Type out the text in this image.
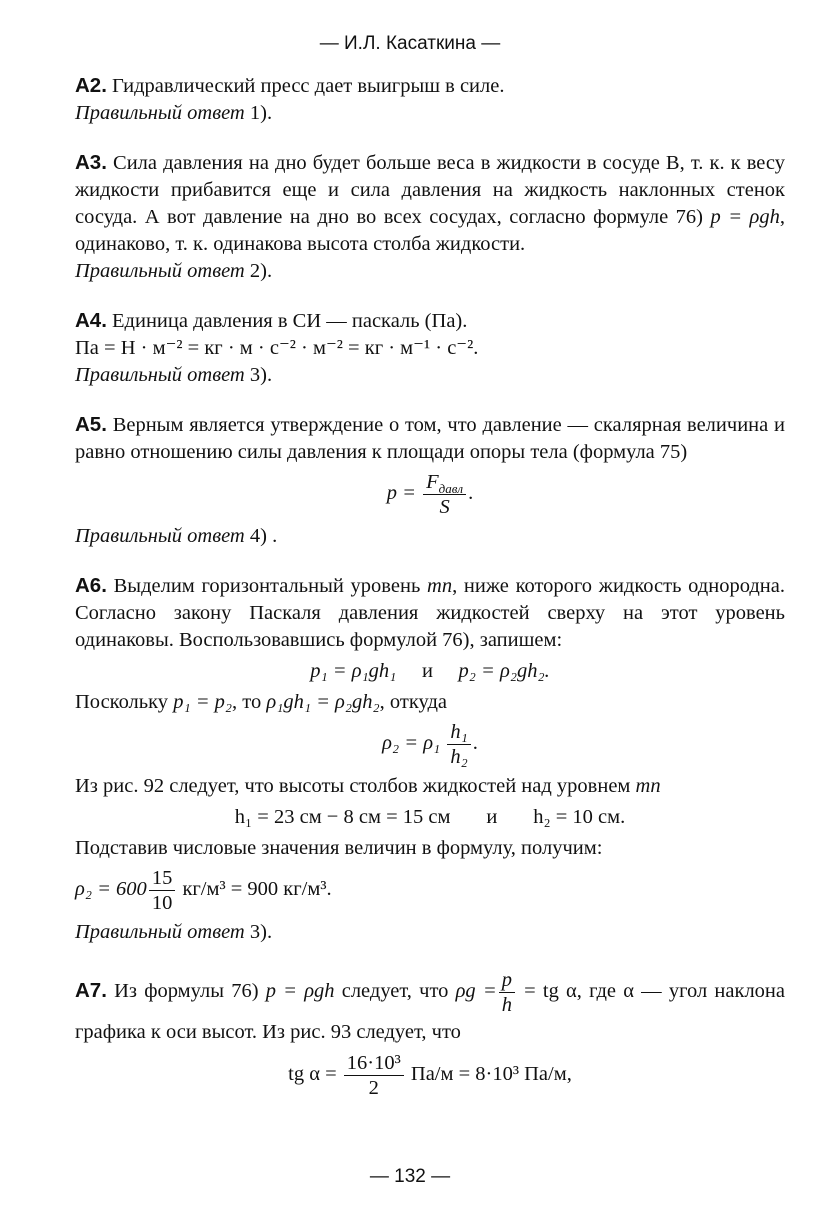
— И.Л. Касаткина —

А2. Гидравлический пресс дает выигрыш в силе.

Правильный ответ 1).

А3. Сила давления на дно будет больше веса в жидкости в сосуде В, т. к. к весу жидкости прибавится еще и сила давления на жидкость наклонных стенок сосуда. А вот давление на дно во всех сосудах, согласно формуле 76) p = ρgh, одинаково, т. к. одинакова высота столба жидкости.

Правильный ответ 2).

А4. Единица давления в СИ — паскаль (Па).

Па = Н · м⁻² = кг · м · с⁻² · м⁻² = кг · м⁻¹ · с⁻².

Правильный ответ 3).

А5. Верным является утверждение о том, что давление — скалярная величина и равно отношению силы давления к площади опоры тела (формула 75)

$p = \frac{F_{давл}}{S}$ .

Правильный ответ 4) .

А6. Выделим горизонтальный уровень mn, ниже которого жидкость однородна. Согласно закону Паскаля давления жидкостей сверху на этот уровень одинаковы. Воспользовавшись формулой 76), запишем:

p₁ = ρ₁gh₁ и p₂ = ρ₂gh₂.

Поскольку p₁ = p₂, то ρ₁gh₁ = ρ₂gh₂, откуда

$\rho_2 = \rho_1 \frac{\text{h₁}}{\text{h₂}}$ .

Из рис. 92 следует, что высоты столбов жидкостей над уровнем mn

h₁ = 23 см − 8 см = 15 см и h₂ = 10 см.

Подставив числовые значения величин в формулу, получим:

$\rho_2 = 600 \frac{15}{10} кг/м^3 = 900$ кг/м³.

Правильный ответ 3).

А7. Из формулы 76) p = ρgh следует, что $\rho g = \frac{p}{h}$ = tg α, где α — угол наклона графика к оси высот. Из рис. 93 следует, что

tg $\alpha = \frac{\text{16·10³}}{2} Па/м = 8\cdot 10^3$ Па/м,
— 132 —
